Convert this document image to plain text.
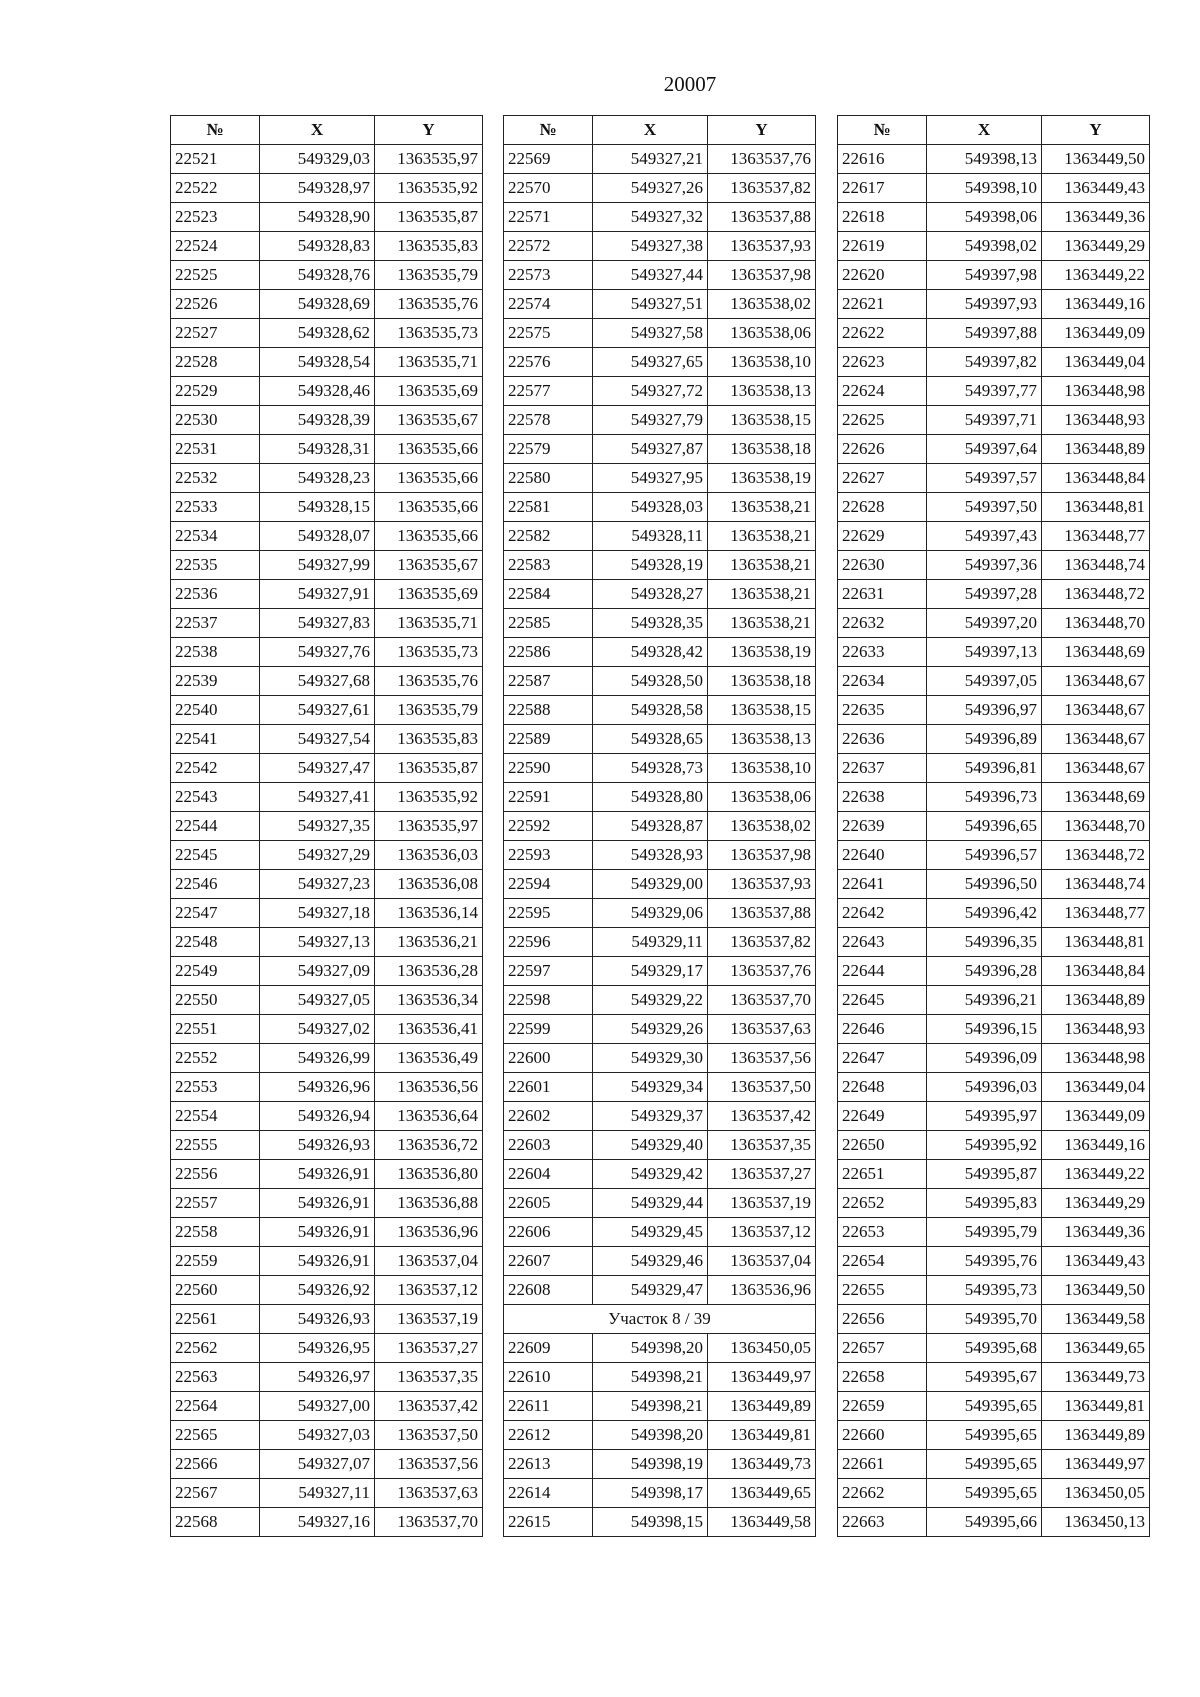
20007
№	X	Y
22521	549329,03	1363535,97
22522	549328,97	1363535,92
22523	549328,90	1363535,87
22524	549328,83	1363535,83
22525	549328,76	1363535,79
22526	549328,69	1363535,76
22527	549328,62	1363535,73
22528	549328,54	1363535,71
22529	549328,46	1363535,69
22530	549328,39	1363535,67
22531	549328,31	1363535,66
22532	549328,23	1363535,66
22533	549328,15	1363535,66
22534	549328,07	1363535,66
22535	549327,99	1363535,67
22536	549327,91	1363535,69
22537	549327,83	1363535,71
22538	549327,76	1363535,73
22539	549327,68	1363535,76
22540	549327,61	1363535,79
22541	549327,54	1363535,83
22542	549327,47	1363535,87
22543	549327,41	1363535,92
22544	549327,35	1363535,97
22545	549327,29	1363536,03
22546	549327,23	1363536,08
22547	549327,18	1363536,14
22548	549327,13	1363536,21
22549	549327,09	1363536,28
22550	549327,05	1363536,34
22551	549327,02	1363536,41
22552	549326,99	1363536,49
22553	549326,96	1363536,56
22554	549326,94	1363536,64
22555	549326,93	1363536,72
22556	549326,91	1363536,80
22557	549326,91	1363536,88
22558	549326,91	1363536,96
22559	549326,91	1363537,04
22560	549326,92	1363537,12
22561	549326,93	1363537,19
22562	549326,95	1363537,27
22563	549326,97	1363537,35
22564	549327,00	1363537,42
22565	549327,03	1363537,50
22566	549327,07	1363537,56
22567	549327,11	1363537,63
22568	549327,16	1363537,70
№	X	Y
22569	549327,21	1363537,76
22570	549327,26	1363537,82
22571	549327,32	1363537,88
22572	549327,38	1363537,93
22573	549327,44	1363537,98
22574	549327,51	1363538,02
22575	549327,58	1363538,06
22576	549327,65	1363538,10
22577	549327,72	1363538,13
22578	549327,79	1363538,15
22579	549327,87	1363538,18
22580	549327,95	1363538,19
22581	549328,03	1363538,21
22582	549328,11	1363538,21
22583	549328,19	1363538,21
22584	549328,27	1363538,21
22585	549328,35	1363538,21
22586	549328,42	1363538,19
22587	549328,50	1363538,18
22588	549328,58	1363538,15
22589	549328,65	1363538,13
22590	549328,73	1363538,10
22591	549328,80	1363538,06
22592	549328,87	1363538,02
22593	549328,93	1363537,98
22594	549329,00	1363537,93
22595	549329,06	1363537,88
22596	549329,11	1363537,82
22597	549329,17	1363537,76
22598	549329,22	1363537,70
22599	549329,26	1363537,63
22600	549329,30	1363537,56
22601	549329,34	1363537,50
22602	549329,37	1363537,42
22603	549329,40	1363537,35
22604	549329,42	1363537,27
22605	549329,44	1363537,19
22606	549329,45	1363537,12
22607	549329,46	1363537,04
22608	549329,47	1363536,96
Участок 8 / 39		
22609	549398,20	1363450,05
22610	549398,21	1363449,97
22611	549398,21	1363449,89
22612	549398,20	1363449,81
22613	549398,19	1363449,73
22614	549398,17	1363449,65
22615	549398,15	1363449,58
№	X	Y
22616	549398,13	1363449,50
22617	549398,10	1363449,43
22618	549398,06	1363449,36
22619	549398,02	1363449,29
22620	549397,98	1363449,22
22621	549397,93	1363449,16
22622	549397,88	1363449,09
22623	549397,82	1363449,04
22624	549397,77	1363448,98
22625	549397,71	1363448,93
22626	549397,64	1363448,89
22627	549397,57	1363448,84
22628	549397,50	1363448,81
22629	549397,43	1363448,77
22630	549397,36	1363448,74
22631	549397,28	1363448,72
22632	549397,20	1363448,70
22633	549397,13	1363448,69
22634	549397,05	1363448,67
22635	549396,97	1363448,67
22636	549396,89	1363448,67
22637	549396,81	1363448,67
22638	549396,73	1363448,69
22639	549396,65	1363448,70
22640	549396,57	1363448,72
22641	549396,50	1363448,74
22642	549396,42	1363448,77
22643	549396,35	1363448,81
22644	549396,28	1363448,84
22645	549396,21	1363448,89
22646	549396,15	1363448,93
22647	549396,09	1363448,98
22648	549396,03	1363449,04
22649	549395,97	1363449,09
22650	549395,92	1363449,16
22651	549395,87	1363449,22
22652	549395,83	1363449,29
22653	549395,79	1363449,36
22654	549395,76	1363449,43
22655	549395,73	1363449,50
22656	549395,70	1363449,58
22657	549395,68	1363449,65
22658	549395,67	1363449,73
22659	549395,65	1363449,81
22660	549395,65	1363449,89
22661	549395,65	1363449,97
22662	549395,65	1363450,05
22663	549395,66	1363450,13
